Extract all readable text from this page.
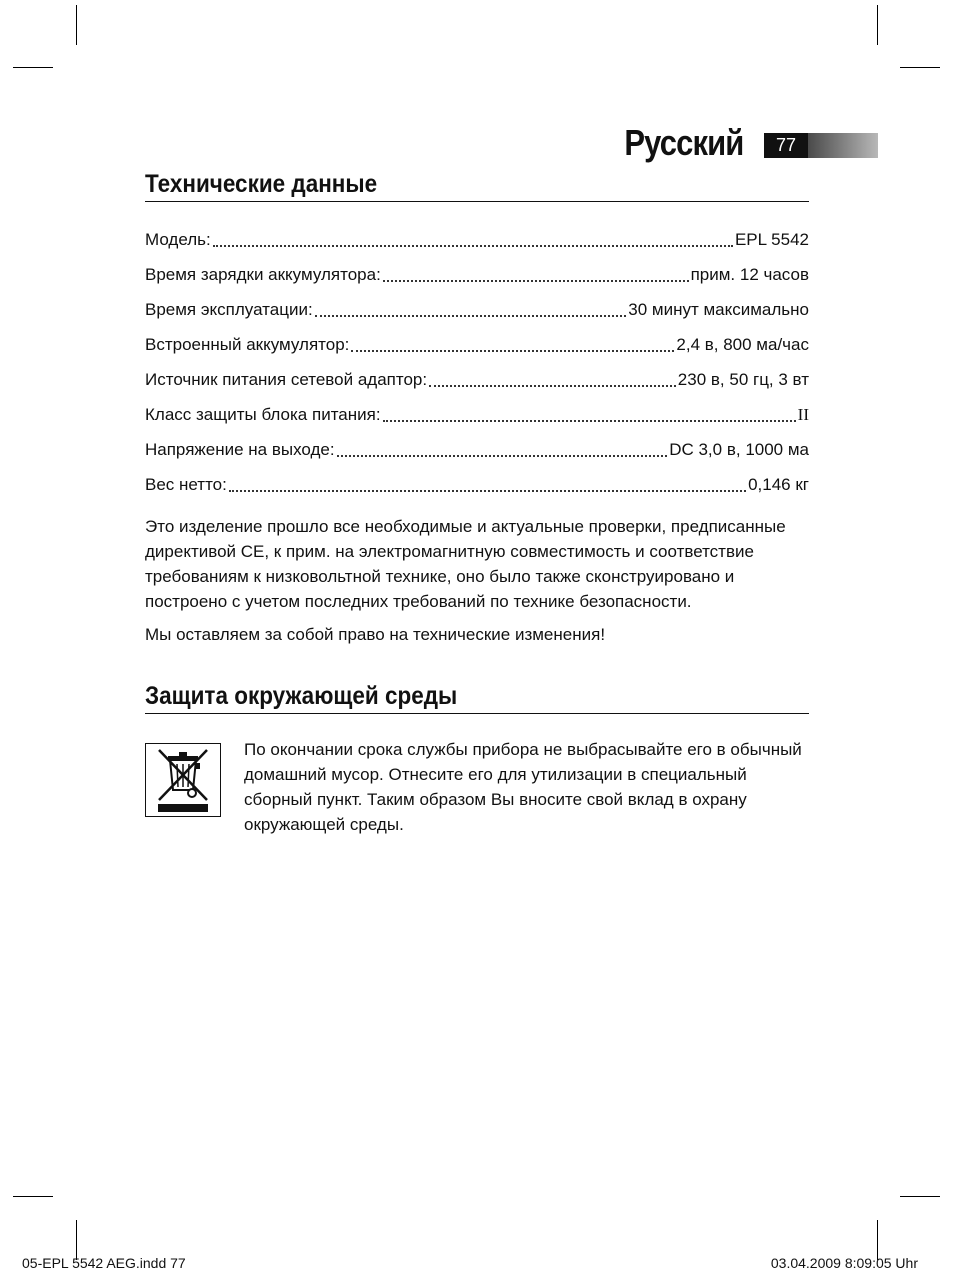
Русский	77
Технические данные
Модель:	EPL 5542
Время зарядки аккумулятора:	прим. 12 часов
Время эксплуатации:	30 минут максимально
Встроенный аккумулятор:	2,4 в, 800 ма/час
Источник питания сетевой адаптор:	230 в, 50 гц, 3 вт
Класс защиты блока питания:	II
Напряжение на выходе:	DC 3,0 в, 1000 ма
Вес нетто:	0,146 кг

Это изделение прошло все необходимые и актуальные проверки, предписанные директивой CE, к прим. на электромагнитную совместимость и соответствие требованиям к низковольтной технике, оно было также сконструировано и построено с учетом последних требований по технике безопасности.

Мы оставляем за собой право на технические изменения!

Защита окружающей среды

По окончании срока службы прибора не выбрасывайте его в обычный домашний мусор. Отнесите его для утилизации в специальный сборный пункт. Таким образом Вы вносите свой вклад в охрану окружающей среды.

05-EPL 5542 AEG.indd 77	03.04.2009 8:09:05 Uhr
